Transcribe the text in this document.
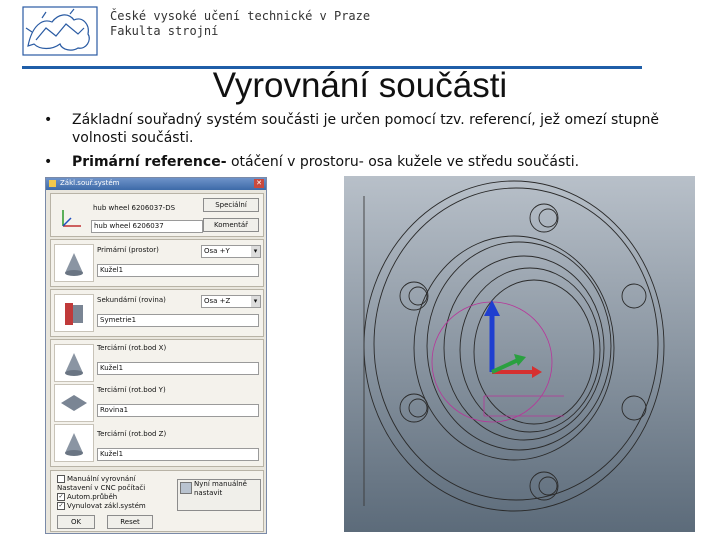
České vysoké učení technické v Praze
Fakulta strojní
Vyrovnání součásti
• Základní souřadný systém součásti je určen pomocí tzv. referencí, jež omezí stupně volnosti součásti.
• Primární reference- otáčení v prostoru- osa kužele ve středu součásti.
Zákl.souř.systém	✕
hub wheel 6206037-DS
hub wheel 6206037
Speciální
Komentář
Primární (prostor)	Osa +Y	▾
Kužel1
Sekundární (rovina)	Osa +Z	▾
Symetrie1
Terciární (rot.bod X)
Kužel1
Terciární (rot.bod Y)
Rovina1
Terciární (rot.bod Z)
Kužel1
Manuální vyrovnání
Nastavení v CNC počítači
✓ Autom.průběh
✓ Vynulovat zákl.systém
Nyní manuálně nastavit
OK	Reset
